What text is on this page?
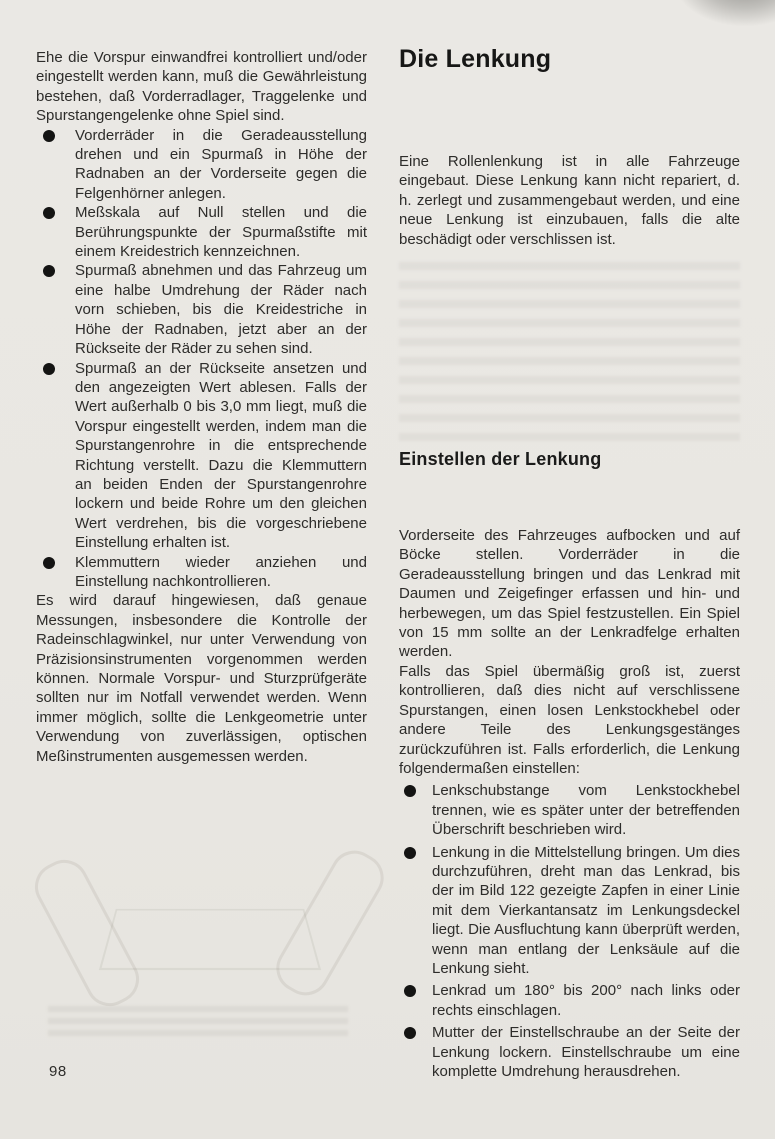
Ehe die Vorspur einwandfrei kontrolliert und/oder eingestellt werden kann, muß die Gewährleistung bestehen, daß Vorderradlager, Traggelenke und Spurstangengelenke ohne Spiel sind.

Vorderräder in die Geradeausstellung drehen und ein Spurmaß in Höhe der Radnaben an der Vorderseite gegen die Felgenhörner anlegen.
Meßskala auf Null stellen und die Berührungspunkte der Spurmaßstifte mit einem Kreidestrich kennzeichnen.
Spurmaß abnehmen und das Fahrzeug um eine halbe Umdrehung der Räder nach vorn schieben, bis die Kreidestriche in Höhe der Radnaben, jetzt aber an der Rückseite der Räder zu sehen sind.
Spurmaß an der Rückseite ansetzen und den angezeigten Wert ablesen. Falls der Wert außerhalb 0 bis 3,0 mm liegt, muß die Vorspur eingestellt werden, indem man die Spurstangenrohre in die entsprechende Richtung verstellt. Dazu die Klemmuttern an beiden Enden der Spurstangenrohre lockern und beide Rohre um den gleichen Wert verdrehen, bis die vorgeschriebene Einstellung erhalten ist.
Klemmuttern wieder anziehen und Einstellung nachkontrollieren.

Es wird darauf hingewiesen, daß genaue Messungen, insbesondere die Kontrolle der Radeinschlagwinkel, nur unter Verwendung von Präzisionsinstrumenten vorgenommen werden können. Normale Vorspur- und Sturzprüfgeräte sollten nur im Notfall verwendet werden. Wenn immer möglich, sollte die Lenkgeometrie unter Verwendung von zuverlässigen, optischen Meßinstrumenten ausgemessen werden.

Die Lenkung

Eine Rollenlenkung ist in alle Fahrzeuge eingebaut. Diese Lenkung kann nicht repariert, d. h. zerlegt und zusammengebaut werden, und eine neue Lenkung ist einzubauen, falls die alte beschädigt oder verschlissen ist.

Einstellen der Lenkung

Vorderseite des Fahrzeuges aufbocken und auf Böcke stellen. Vorderräder in die Geradeausstellung bringen und das Lenkrad mit Daumen und Zeigefinger erfassen und hin- und herbewegen, um das Spiel festzustellen. Ein Spiel von 15 mm sollte an der Lenkradfelge erhalten werden.

Falls das Spiel übermäßig groß ist, zuerst kontrollieren, daß dies nicht auf verschlissene Spurstangen, einen losen Lenkstockhebel oder andere Teile des Lenkungsgestänges zurückzuführen ist. Falls erforderlich, die Lenkung folgendermaßen einstellen:

Lenkschubstange vom Lenkstockhebel trennen, wie es später unter der betreffenden Überschrift beschrieben wird.
Lenkung in die Mittelstellung bringen. Um dies durchzuführen, dreht man das Lenkrad, bis der im Bild 122 gezeigte Zapfen in einer Linie mit dem Vierkantansatz im Lenkungsdeckel liegt. Die Ausfluchtung kann überprüft werden, wenn man entlang der Lenksäule auf die Lenkung sieht.
Lenkrad um 180° bis 200° nach links oder rechts einschlagen.
Mutter der Einstellschraube an der Seite der Lenkung lockern. Einstellschraube um eine komplette Umdrehung herausdrehen.
98
